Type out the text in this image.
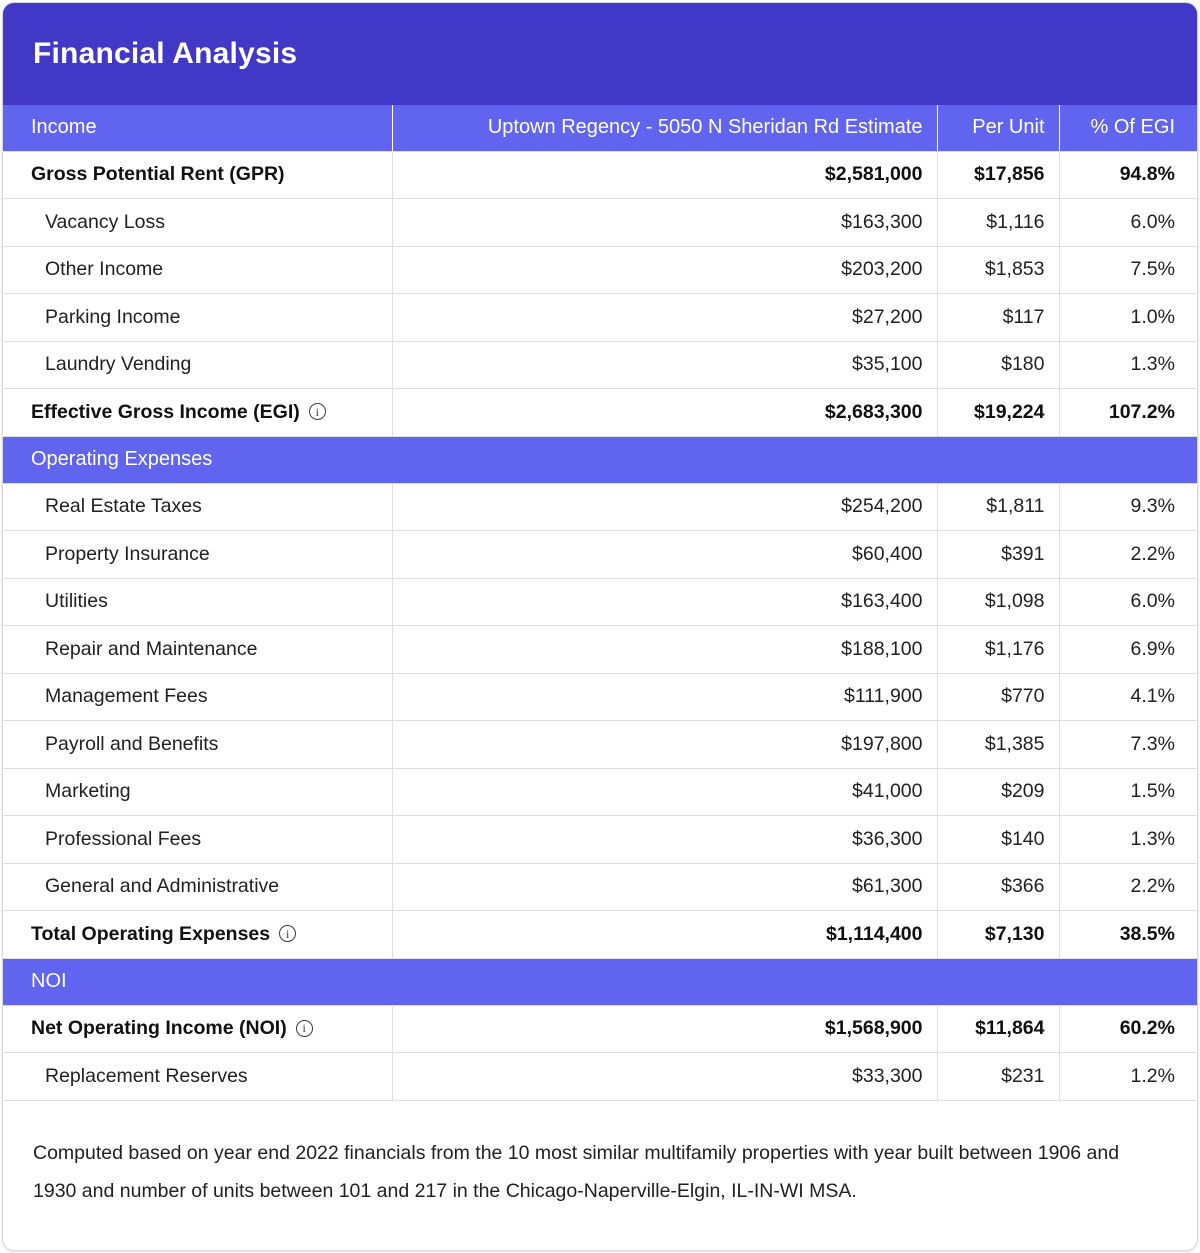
Financial Analysis
Income	Uptown Regency - 5050 N Sheridan Rd Estimate	Per Unit	% Of EGI
Gross Potential Rent (GPR)	$2,581,000	$17,856	94.8%
Vacancy Loss	$163,300	$1,116	6.0%
Other Income	$203,200	$1,853	7.5%
Parking Income	$27,200	$117	1.0%
Laundry Vending	$35,100	$180	1.3%
Effective Gross Income (EGI) i	$2,683,300	$19,224	107.2%
Operating Expenses			
Real Estate Taxes	$254,200	$1,811	9.3%
Property Insurance	$60,400	$391	2.2%
Utilities	$163,400	$1,098	6.0%
Repair and Maintenance	$188,100	$1,176	6.9%
Management Fees	$111,900	$770	4.1%
Payroll and Benefits	$197,800	$1,385	7.3%
Marketing	$41,000	$209	1.5%
Professional Fees	$36,300	$140	1.3%
General and Administrative	$61,300	$366	2.2%
Total Operating Expenses i	$1,114,400	$7,130	38.5%
NOI			
Net Operating Income (NOI) i	$1,568,900	$11,864	60.2%
Replacement Reserves	$33,300	$231	1.2%
Computed based on year end 2022 financials from the 10 most similar multifamily properties with year built between 1906 and 1930 and number of units between 101 and 217 in the Chicago-Naperville-Elgin, IL-IN-WI MSA.
